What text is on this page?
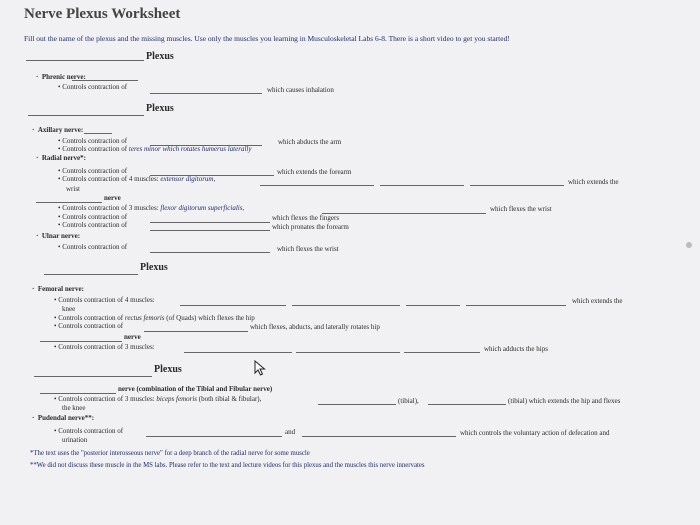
Nerve Plexus Worksheet
Fill out the name of the plexus and the missing muscles. Use only the muscles you learning in Musculoskeletal Labs 6-8. There is a short video to get you started!
Plexus
·  Phrenic nerve:
• Controls contraction of	which causes inhalation
Plexus
·  Axillary nerve:
• Controls contraction of	which abducts the arm
• Controls contraction of teres minor which rotates humerus laterally
·  Radial nerve*:
• Controls contraction of	which extends the forearm
• Controls contraction of 4 muscles: extensor digitorum,	which extends the
wrist
nerve
• Controls contraction of 3 muscles: flexor digitorum superficialis,	which flexes the wrist
• Controls contraction of	which flexes the fingers
• Controls contraction of	which pronates the forearm
·  Ulnar nerve:
• Controls contraction of	which flexes the wrist
Plexus
·  Femoral nerve:
• Controls contraction of 4 muscles:	which extends the
knee
• Controls contraction of rectus femoris (of Quads) which flexes the hip
• Controls contraction of	which flexes, abducts, and laterally rotates hip
nerve
• Controls contraction of 3 muscles:	which adducts the hips
Plexus
nerve (combination of the Tibial and Fibular nerve)
• Controls contraction of 3 muscles: biceps femoris (both tibial & fibular),	(tibial),	(tibial) which extends the hip and flexes
the knee
·  Pudendal nerve**:
• Controls contraction of	and	which controls the voluntary action of defecation and
urination
*The text uses the "posterior interosseous nerve" for a deep branch of the radial nerve for some muscle
**We did not discuss these muscle in the MS labs. Please refer to the text and lecture videos for this plexus and the muscles this nerve innervates
